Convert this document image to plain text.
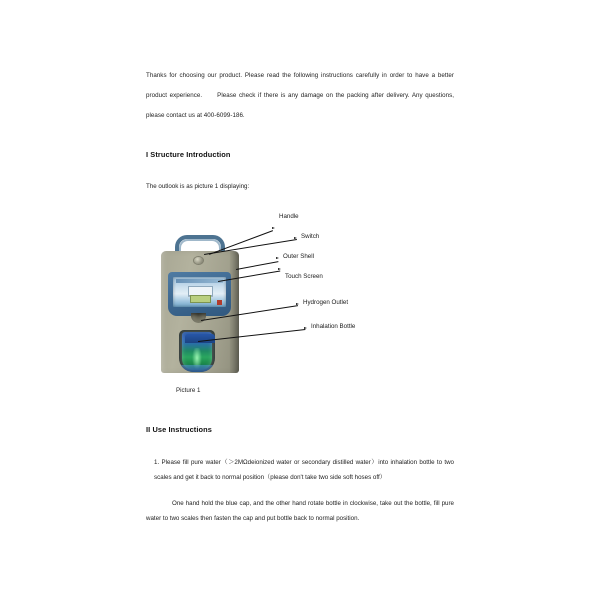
Thanks for choosing our product. Please read the following instructions carefully in order to have a better product experience.　　Please check if there is any damage on the packing after delivery. Any questions, please contact us at 400-6099-186.

I Structure Introduction

The outlook is as picture 1 displaying:

Handle
Switch
Outer Shell
Touch Screen
Hydrogen Outlet
Inhalation Bottle
Picture 1
II Use Instructions

1. Please fill pure water（＞2MΩdeionized water or secondary distilled water）into inhalation bottle to two scales and get it back to normal position（please don't take two side soft hoses off）

One hand hold the blue cap, and the other hand rotate bottle in clockwise, take out the bottle, fill pure water to two scales then fasten the cap and put bottle back to normal position.
